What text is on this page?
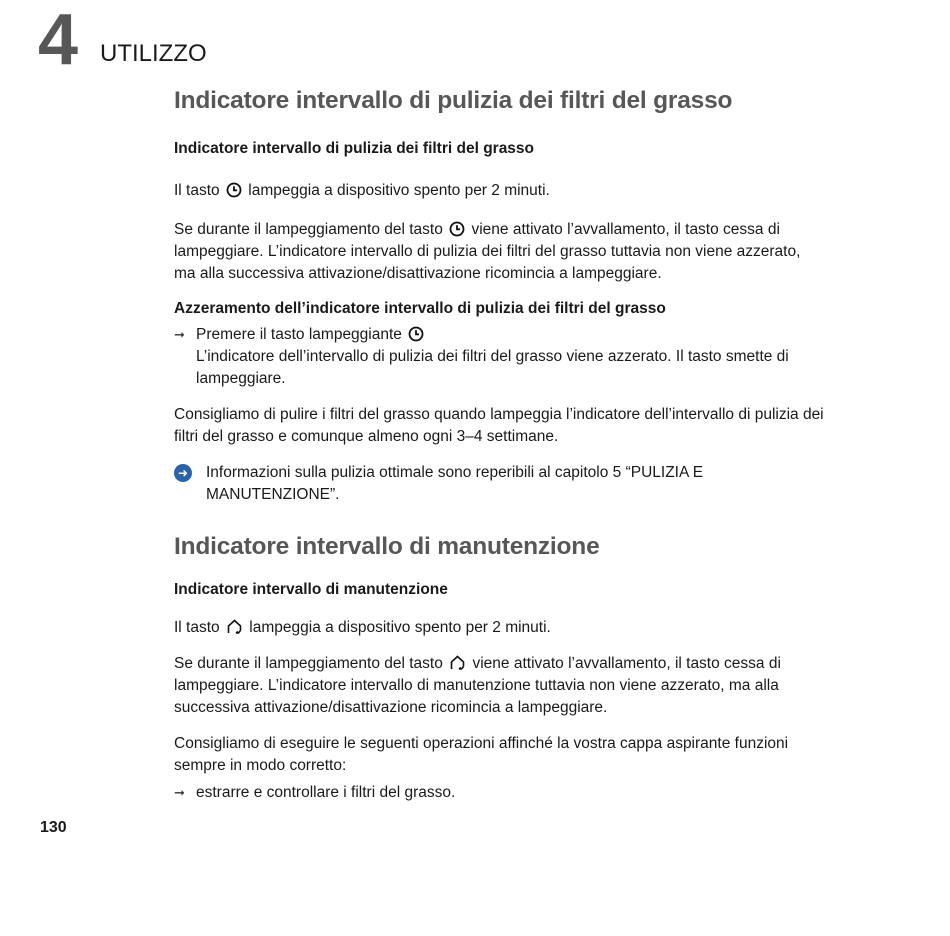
4 UTILIZZO
Indicatore intervallo di pulizia dei filtri del grasso
Indicatore intervallo di pulizia dei filtri del grasso

Il tasto lampeggia a dispositivo spento per 2 minuti.

Se durante il lampeggiamento del tasto viene attivato l’avvallamento, il tasto cessa di lampeggiare. L’indicatore intervallo di pulizia dei filtri del grasso tuttavia non viene azzerato, ma alla successiva attivazione/disattivazione ricomincia a lampeggiare.

Azzeramento dell’indicatore intervallo di pulizia dei filtri del grasso
➞ Premere il tasto lampeggiante
L’indicatore dell’intervallo di pulizia dei filtri del grasso viene azzerato. Il tasto smette di lampeggiare.

Consigliamo di pulire i filtri del grasso quando lampeggia l’indicatore dell’intervallo di pulizia dei filtri del grasso e comunque almeno ogni 3–4 settimane.

➜ Informazioni sulla pulizia ottimale sono reperibili al capitolo 5 “PULIZIA E MANUTENZIONE”.
Indicatore intervallo di manutenzione
Indicatore intervallo di manutenzione

Il tasto lampeggia a dispositivo spento per 2 minuti.

Se durante il lampeggiamento del tasto viene attivato l’avvallamento, il tasto cessa di lampeggiare. L’indicatore intervallo di manutenzione tuttavia non viene azzerato, ma alla successiva attivazione/disattivazione ricomincia a lampeggiare.

Consigliamo di eseguire le seguenti operazioni affinché la vostra cappa aspirante funzioni sempre in modo corretto:

➞ estrarre e controllare i filtri del grasso.
130
